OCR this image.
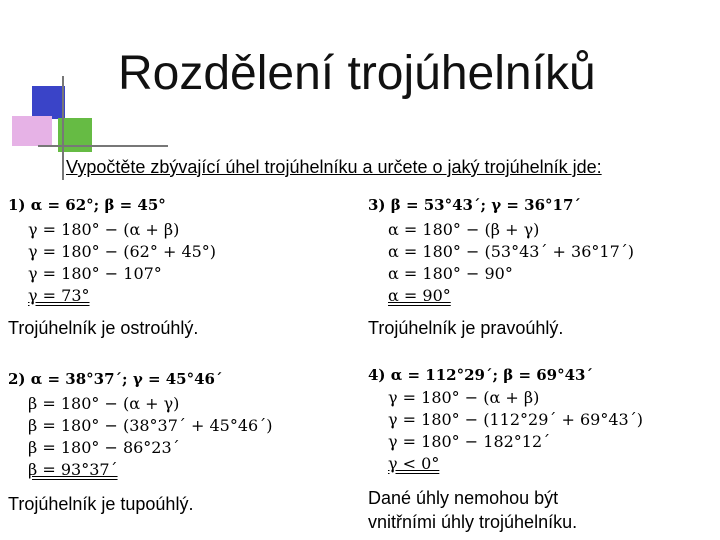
Rozdělení trojúhelníků
Vypočtěte zbývající úhel trojúhelníku a určete o jaký trojúhelník jde:
1) α = 62°; β = 45°
γ = 180° − (α + β)
γ = 180° − (62° + 45°)
γ = 180° − 107°
γ = 73°
Trojúhelník je ostroúhlý.
3) β = 53°43´; γ = 36°17´
α = 180° − (β + γ)
α = 180° − (53°43´ + 36°17´)
α = 180° − 90°
α = 90°
Trojúhelník je pravoúhlý.
2) α = 38°37´; γ = 45°46´
β = 180° − (α + γ)
β = 180° − (38°37´ + 45°46´)
β = 180° − 86°23´
β = 93°37´
Trojúhelník je tupoúhlý.
4) α = 112°29´; β = 69°43´
γ = 180° − (α + β)
γ = 180° − (112°29´ + 69°43´)
γ = 180° − 182°12´
γ < 0°
Dané úhly nemohou být
vnitřními úhly trojúhelníku.
